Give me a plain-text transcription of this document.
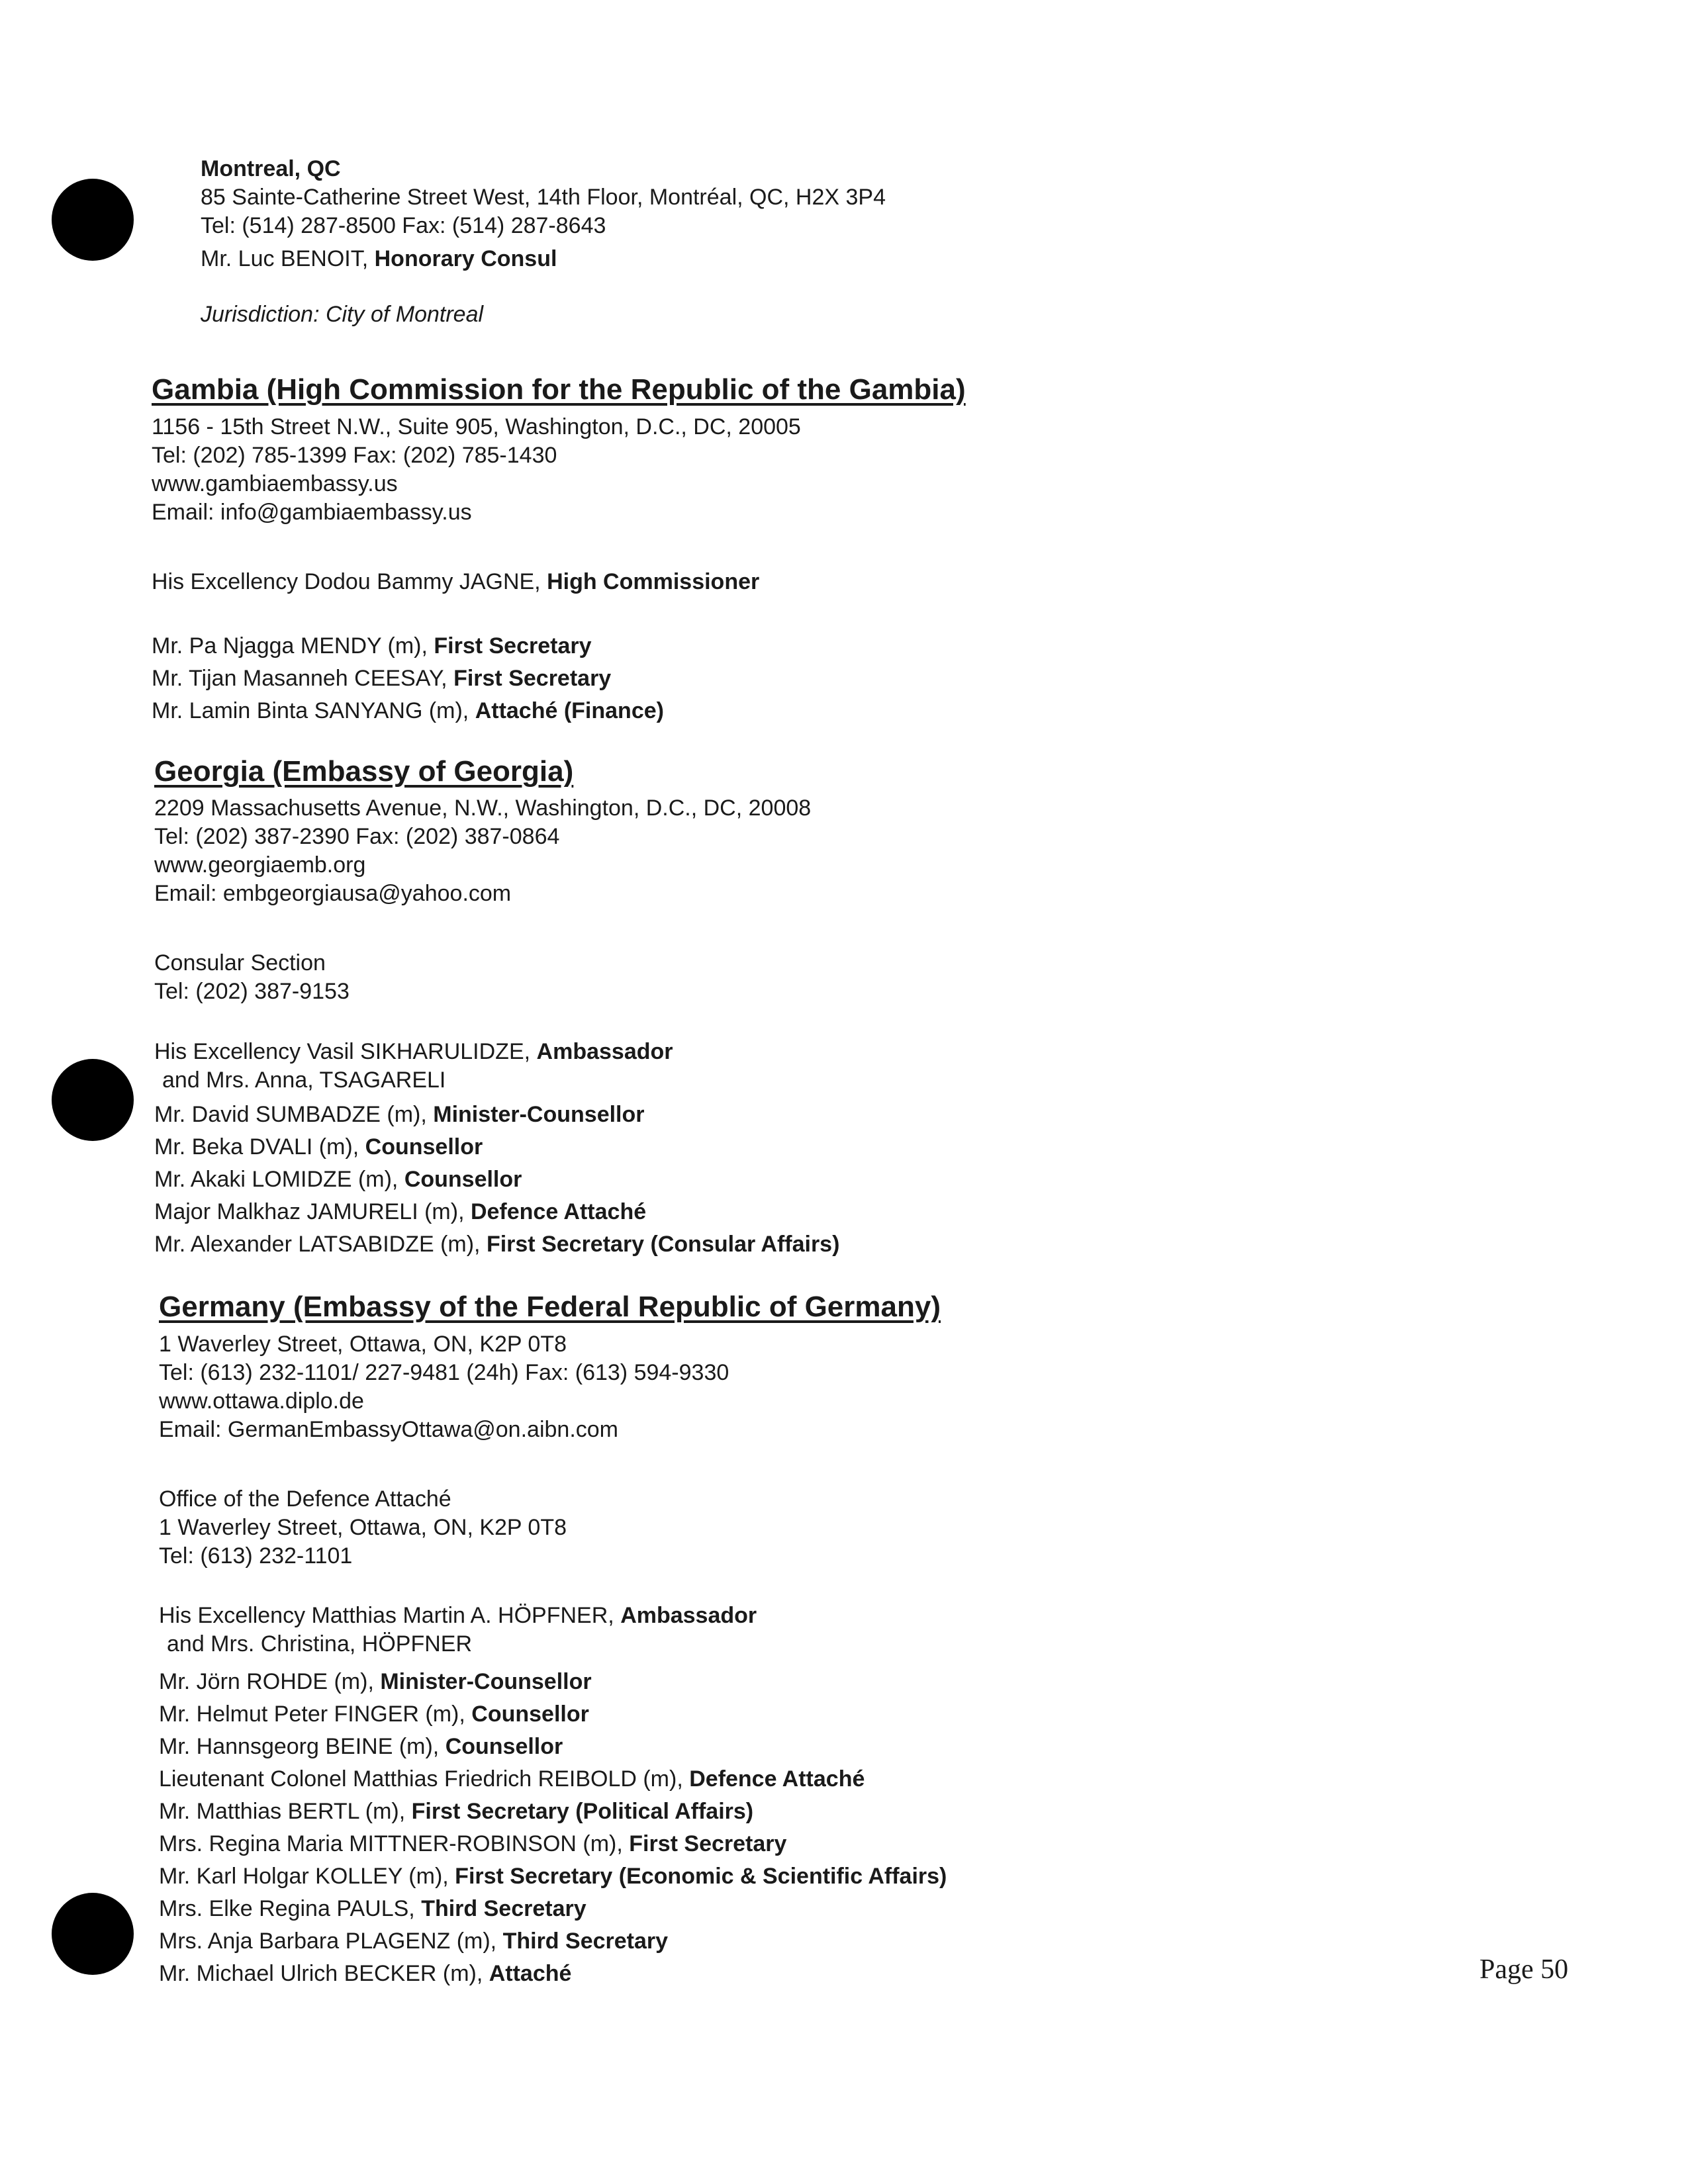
Montreal, QC
85 Sainte-Catherine Street West, 14th Floor, Montréal, QC, H2X 3P4
Tel: (514) 287-8500 Fax: (514) 287-8643
Mr. Luc BENOIT, Honorary Consul
Jurisdiction: City of Montreal
Gambia (High Commission for the Republic of the Gambia)
1156 - 15th Street N.W., Suite 905, Washington, D.C., DC, 20005
Tel: (202) 785-1399 Fax: (202) 785-1430
www.gambiaembassy.us
Email: info@gambiaembassy.us
His Excellency Dodou Bammy JAGNE, High Commissioner
Mr. Pa Njagga MENDY (m), First Secretary
Mr. Tijan Masanneh CEESAY, First Secretary
Mr. Lamin Binta SANYANG (m), Attaché (Finance)
Georgia (Embassy of Georgia)
2209 Massachusetts Avenue, N.W., Washington, D.C., DC, 20008
Tel: (202) 387-2390 Fax: (202) 387-0864
www.georgiaemb.org
Email: embgeorgiausa@yahoo.com
Consular Section
Tel: (202) 387-9153
His Excellency Vasil SIKHARULIDZE, Ambassador
and Mrs. Anna, TSAGARELI
Mr. David SUMBADZE (m), Minister-Counsellor
Mr. Beka DVALI (m), Counsellor
Mr. Akaki LOMIDZE (m), Counsellor
Major Malkhaz JAMURELI (m), Defence Attaché
Mr. Alexander LATSABIDZE (m), First Secretary (Consular Affairs)
Germany (Embassy of the Federal Republic of Germany)
1 Waverley Street, Ottawa, ON, K2P 0T8
Tel: (613) 232-1101/ 227-9481 (24h) Fax: (613) 594-9330
www.ottawa.diplo.de
Email: GermanEmbassyOttawa@on.aibn.com
Office of the Defence Attaché
1 Waverley Street, Ottawa, ON, K2P 0T8
Tel: (613) 232-1101
His Excellency Matthias Martin A. HÖPFNER, Ambassador
and Mrs. Christina, HÖPFNER
Mr. Jörn ROHDE (m), Minister-Counsellor
Mr. Helmut Peter FINGER (m), Counsellor
Mr. Hannsgeorg BEINE (m), Counsellor
Lieutenant Colonel Matthias Friedrich REIBOLD (m), Defence Attaché
Mr. Matthias BERTL (m), First Secretary (Political Affairs)
Mrs. Regina Maria MITTNER-ROBINSON (m), First Secretary
Mr. Karl Holgar KOLLEY (m), First Secretary (Economic & Scientific Affairs)
Mrs. Elke Regina PAULS, Third Secretary
Mrs. Anja Barbara PLAGENZ (m), Third Secretary
Mr. Michael Ulrich BECKER (m), Attaché	Page 50
